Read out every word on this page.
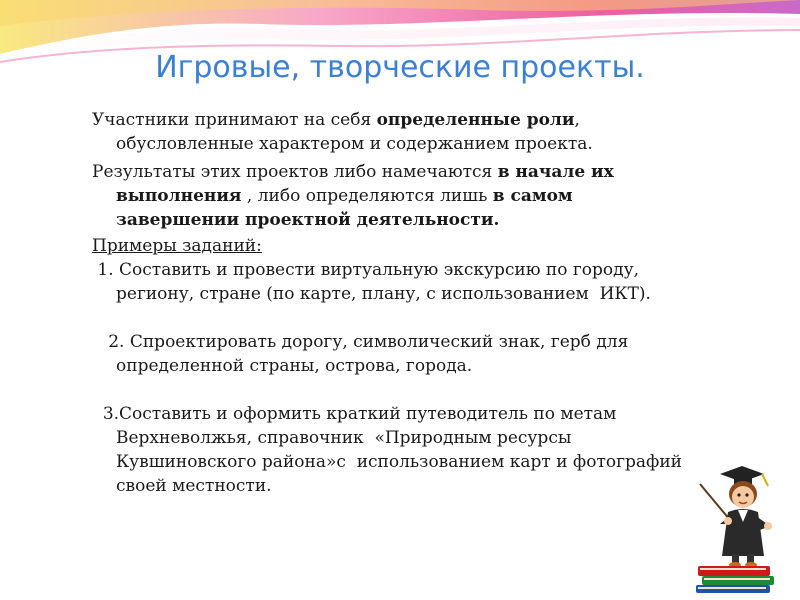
Игровые, творческие проекты.

Участники принимают на себя определенные роли, обусловленные характером и содержанием проекта.

Результаты этих проектов либо намечаются в начале их выполнения , либо определяются лишь в самом завершении проектной деятельности.

Примеры заданий:

1. Составить и провести виртуальную экскурсию по городу, региону, стране (по карте, плану, с использованием  ИКТ).

2. Спроектировать дорогу, символический знак, герб для определенной страны, острова, города.

3.Составить и оформить краткий путеводитель по метам  Верхневолжья, справочник  «Природным ресурсы Кувшиновского района»с  использованием карт и фотографий  своей местности.
